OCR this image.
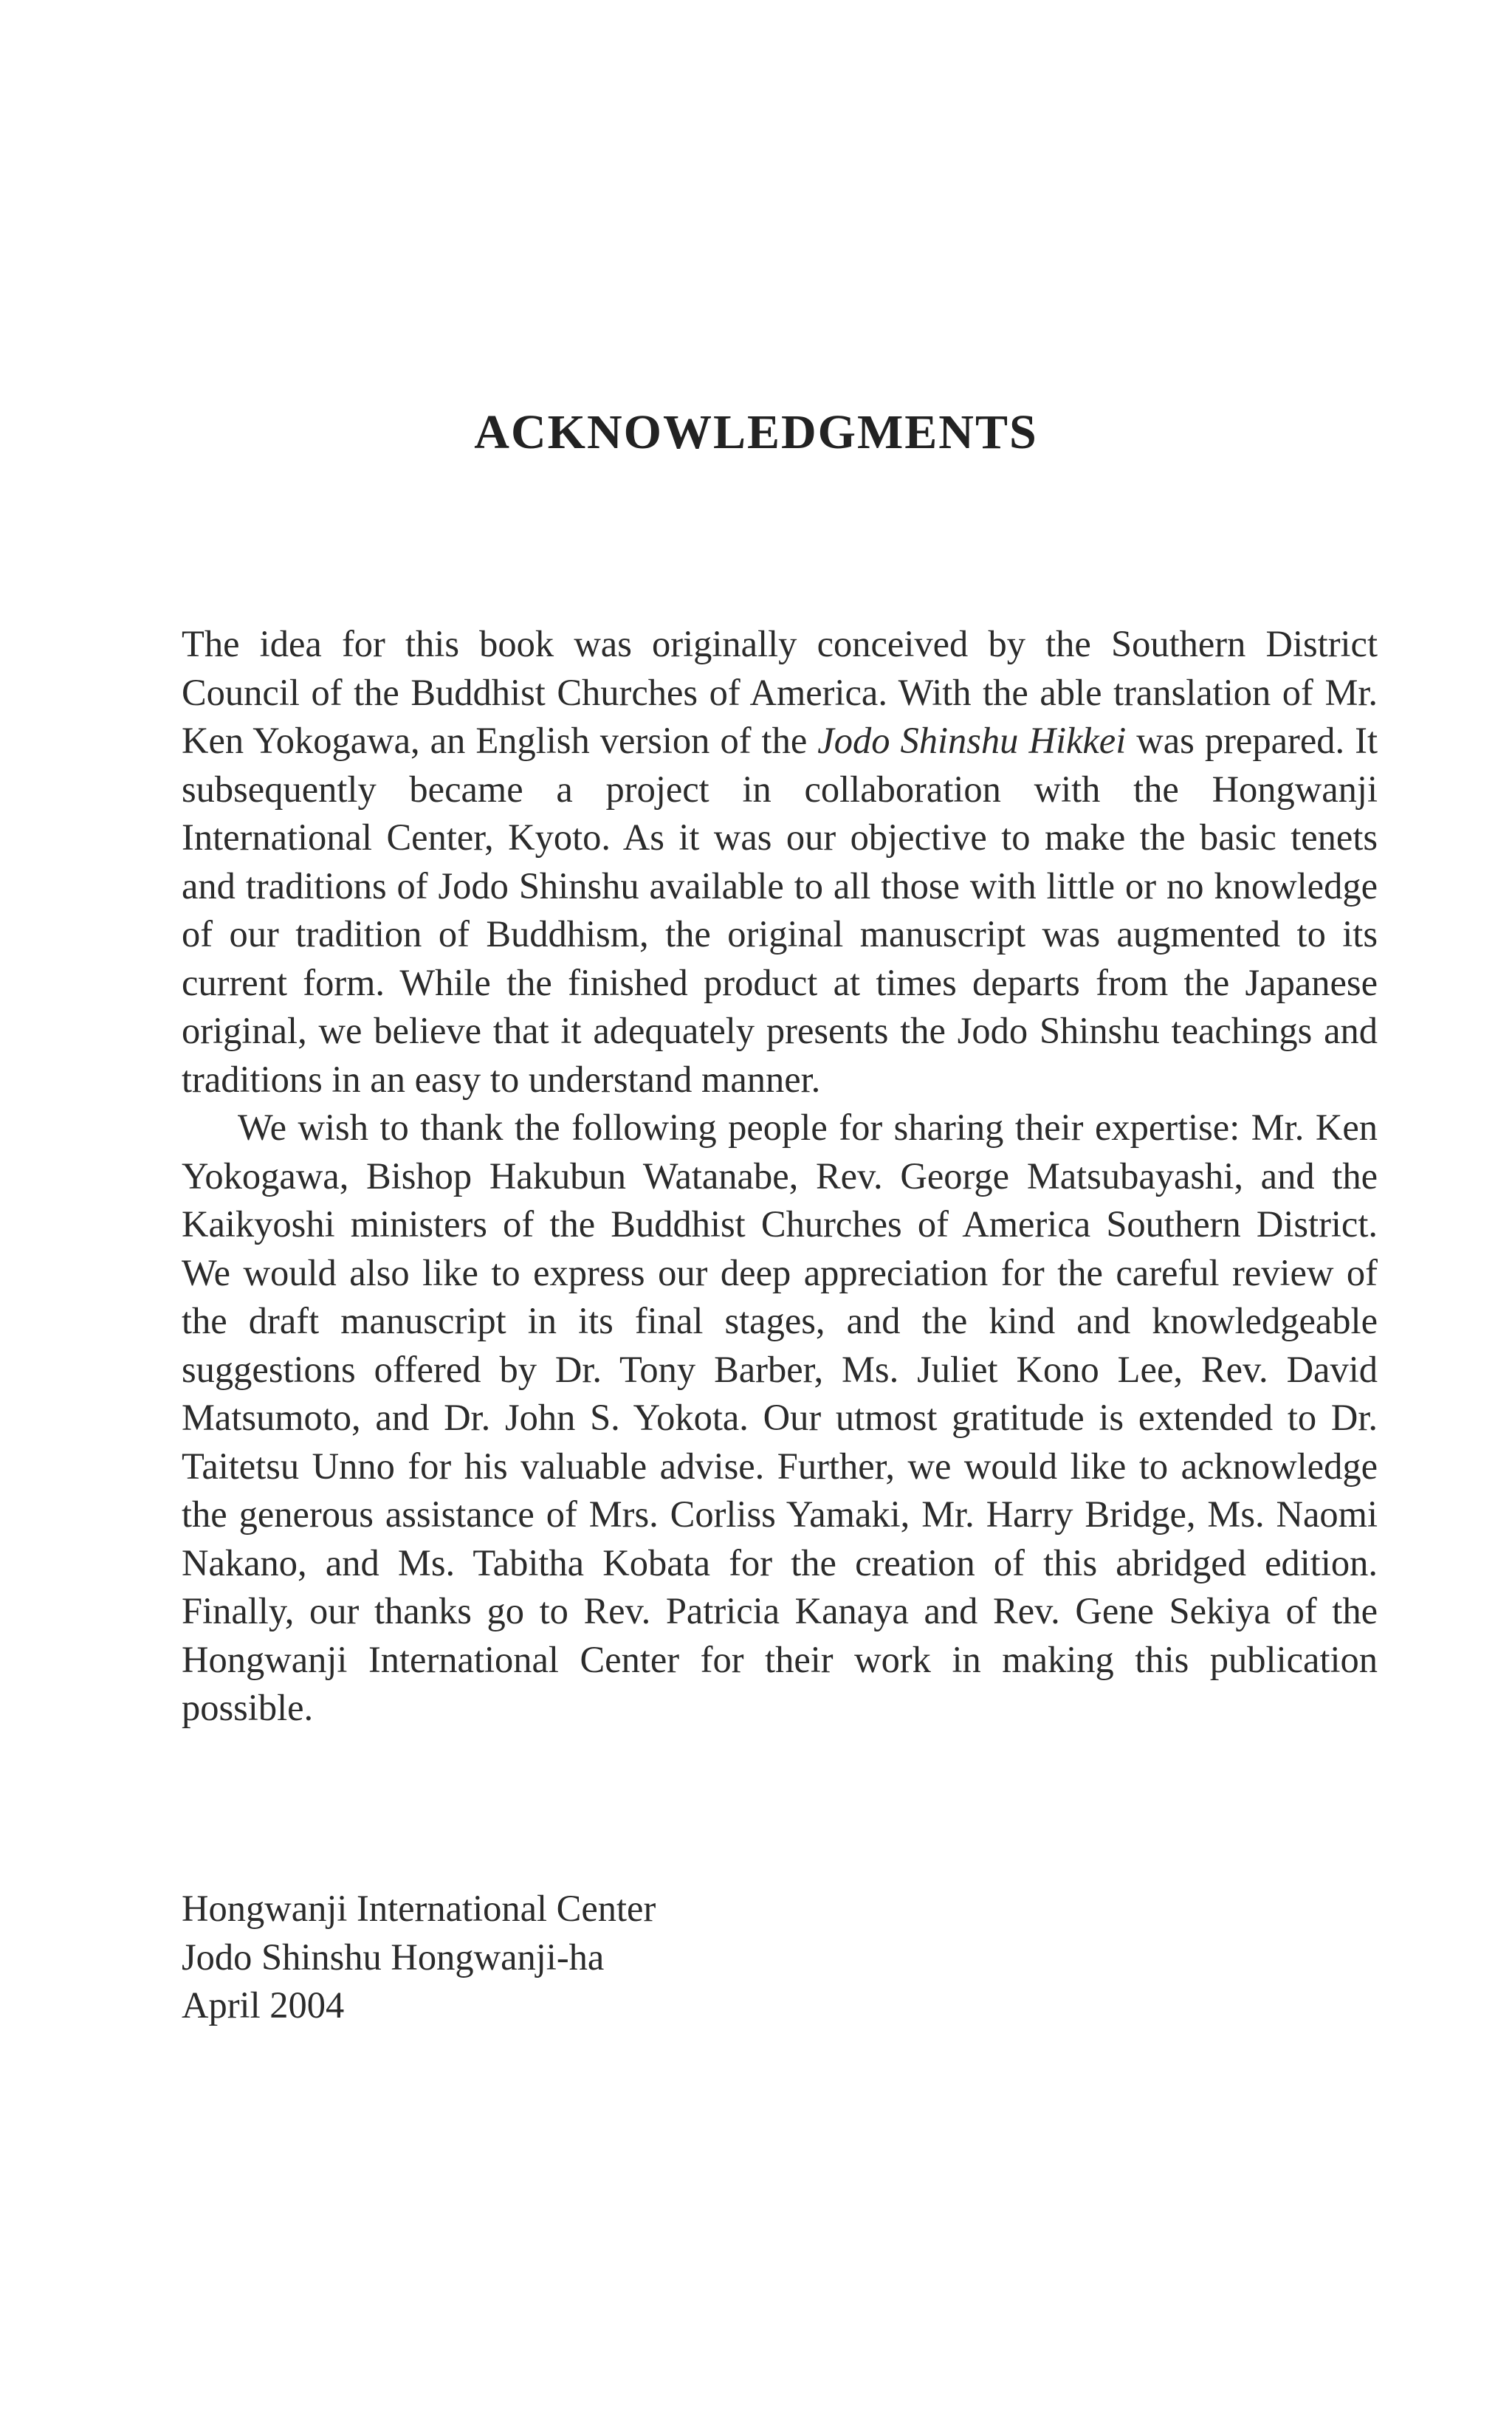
ACKNOWLEDGMENTS

The idea for this book was originally conceived by the Southern District Council of the Buddhist Churches of America. With the able translation of Mr. Ken Yokogawa, an English version of the Jodo Shinshu Hikkei was prepared. It subsequently became a project in collaboration with the Hongwanji International Center, Kyoto. As it was our objective to make the basic tenets and traditions of Jodo Shinshu available to all those with little or no knowledge of our tradition of Buddhism, the original manuscript was augmented to its current form. While the finished product at times departs from the Japanese original, we believe that it adequately presents the Jodo Shinshu teachings and traditions in an easy to understand manner.

We wish to thank the following people for sharing their expertise: Mr. Ken Yokogawa, Bishop Hakubun Watanabe, Rev. George Matsubayashi, and the Kaikyoshi ministers of the Buddhist Churches of America Southern District. We would also like to express our deep appreciation for the careful review of the draft manuscript in its final stages, and the kind and knowledgeable suggestions offered by Dr. Tony Barber, Ms. Juliet Kono Lee, Rev. David Matsumoto, and Dr. John S. Yokota. Our utmost gratitude is extended to Dr. Taitetsu Unno for his valuable advise. Further, we would like to acknowledge the generous assistance of Mrs. Corliss Yamaki, Mr. Harry Bridge, Ms. Naomi Nakano, and Ms. Tabitha Kobata for the creation of this abridged edition. Finally, our thanks go to Rev. Patricia Kanaya and Rev. Gene Sekiya of the Hongwanji International Center for their work in making this publication possible.

Hongwanji International Center
Jodo Shinshu Hongwanji-ha
April 2004
